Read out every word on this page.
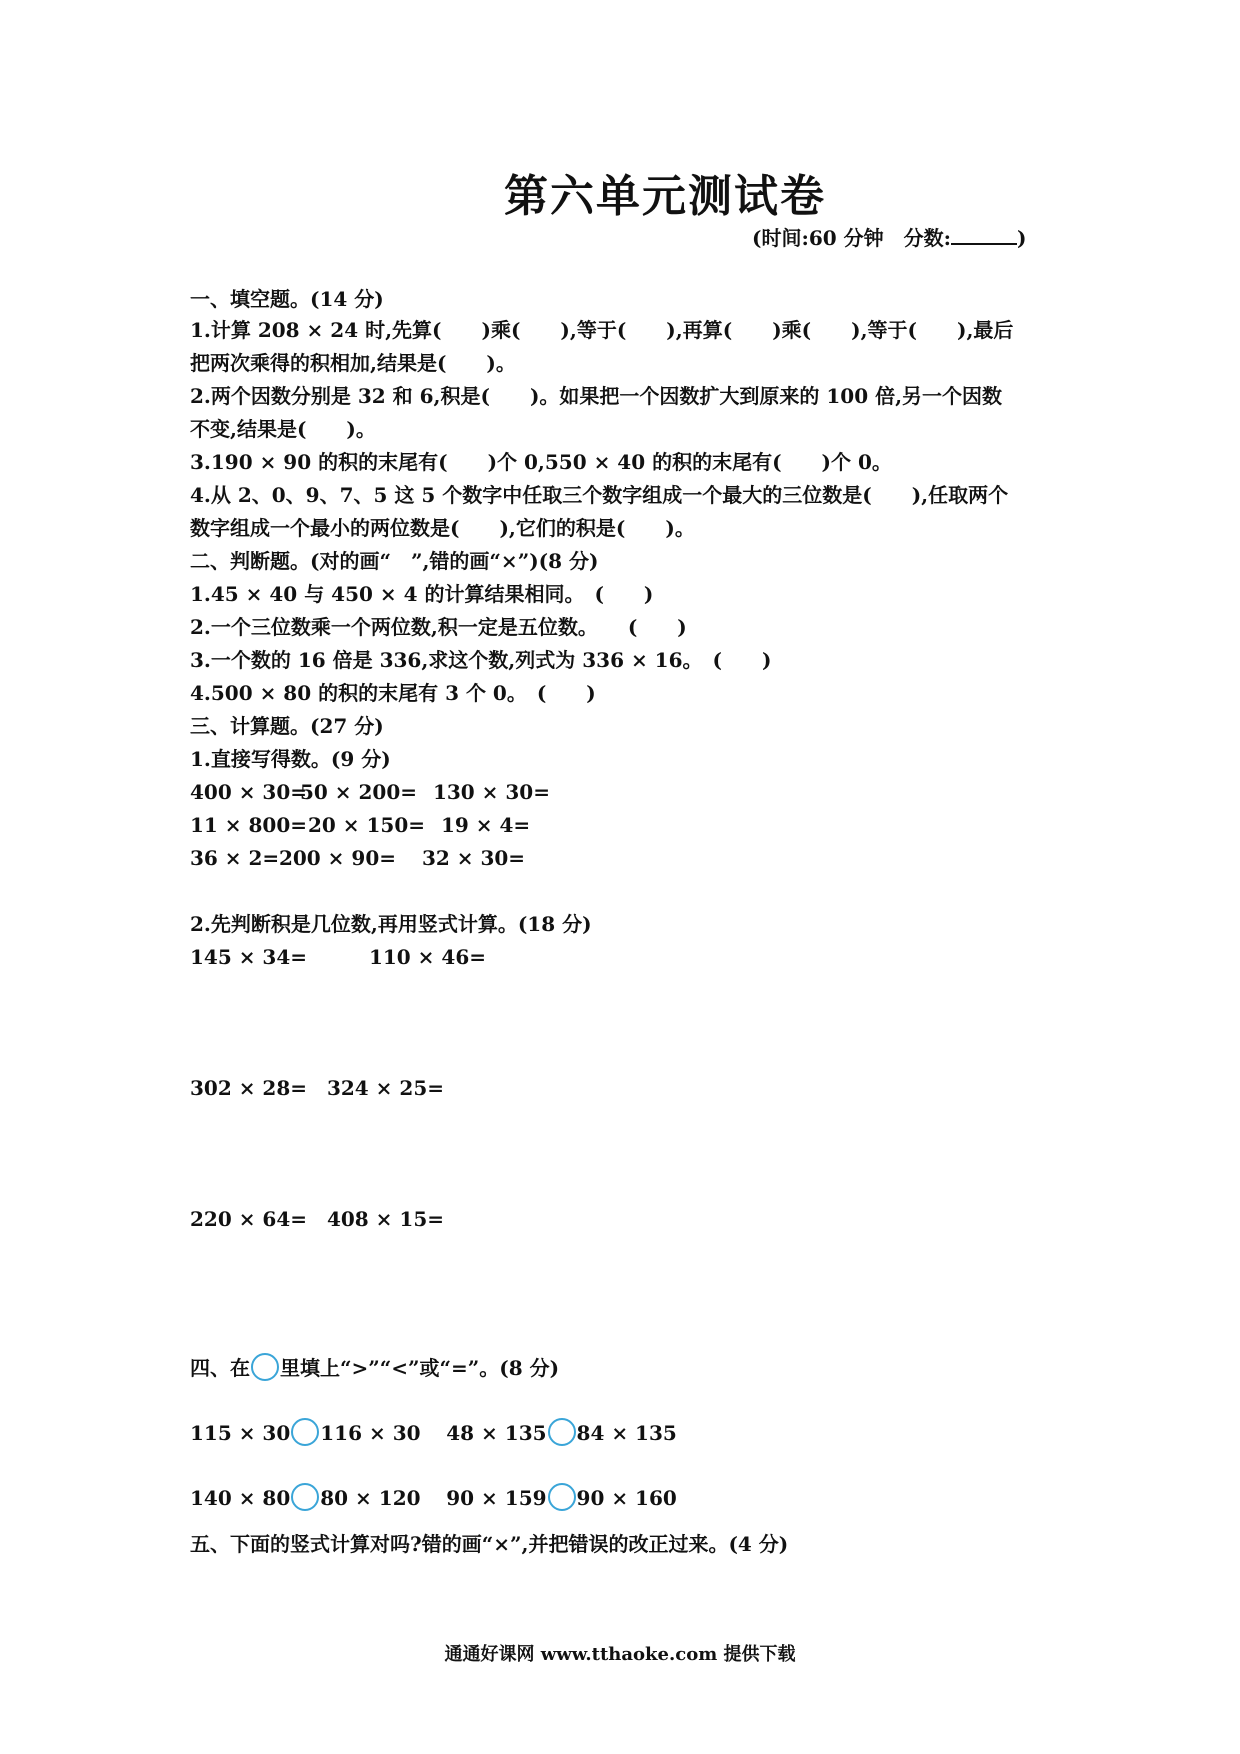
第六单元测试卷
(时间:60 分钟　分数:	)
一、填空题。(14 分)
1.计算 208 × 24 时,先算(　　)乘(　　),等于(　　),再算(　　)乘(　　),等于(　　),最后
把两次乘得的积相加,结果是(　　)。
2.两个因数分别是 32 和 6,积是(　　)。如果把一个因数扩大到原来的 100 倍,另一个因数
不变,结果是(　　)。
3.190 × 90 的积的末尾有(　　)个 0,550 × 40 的积的末尾有(　　)个 0。
4.从 2、0、9、7、5 这 5 个数字中任取三个数字组成一个最大的三位数是(　　),任取两个
数字组成一个最小的两位数是(　　),它们的积是(　　)。
二、判断题。(对的画“　”,错的画“×”)(8 分)
1.45 × 40 与 450 × 4 的计算结果相同。　(　　)
2.一个三位数乘一个两位数,积一定是五位数。　　(　　)
3.一个数的 16 倍是 336,求这个数,列式为 336 × 16。　(　　)
4.500 × 80 的积的末尾有 3 个 0。　(　　)
三、计算题。(27 分)
1.直接写得数。(9 分)
400 × 30= 50 × 200= 130 × 30=
11 × 800= 20 × 150= 19 × 4=
36 × 2= 200 × 90= 32 × 30=
2.先判断积是几位数,再用竖式计算。(18 分)
145 × 34=	110 × 46=
302 × 28= 324 × 25=
220 × 64= 408 × 15=
四、在 里填上“>”“<”或“=”。(8 分)
115 × 30 116 × 30 48 × 135 84 × 135
140 × 80 80 × 120 90 × 159 90 × 160
五、下面的竖式计算对吗?错的画“×”,并把错误的改正过来。(4 分)
通通好课网 www.tthaoke.com 提供下载
